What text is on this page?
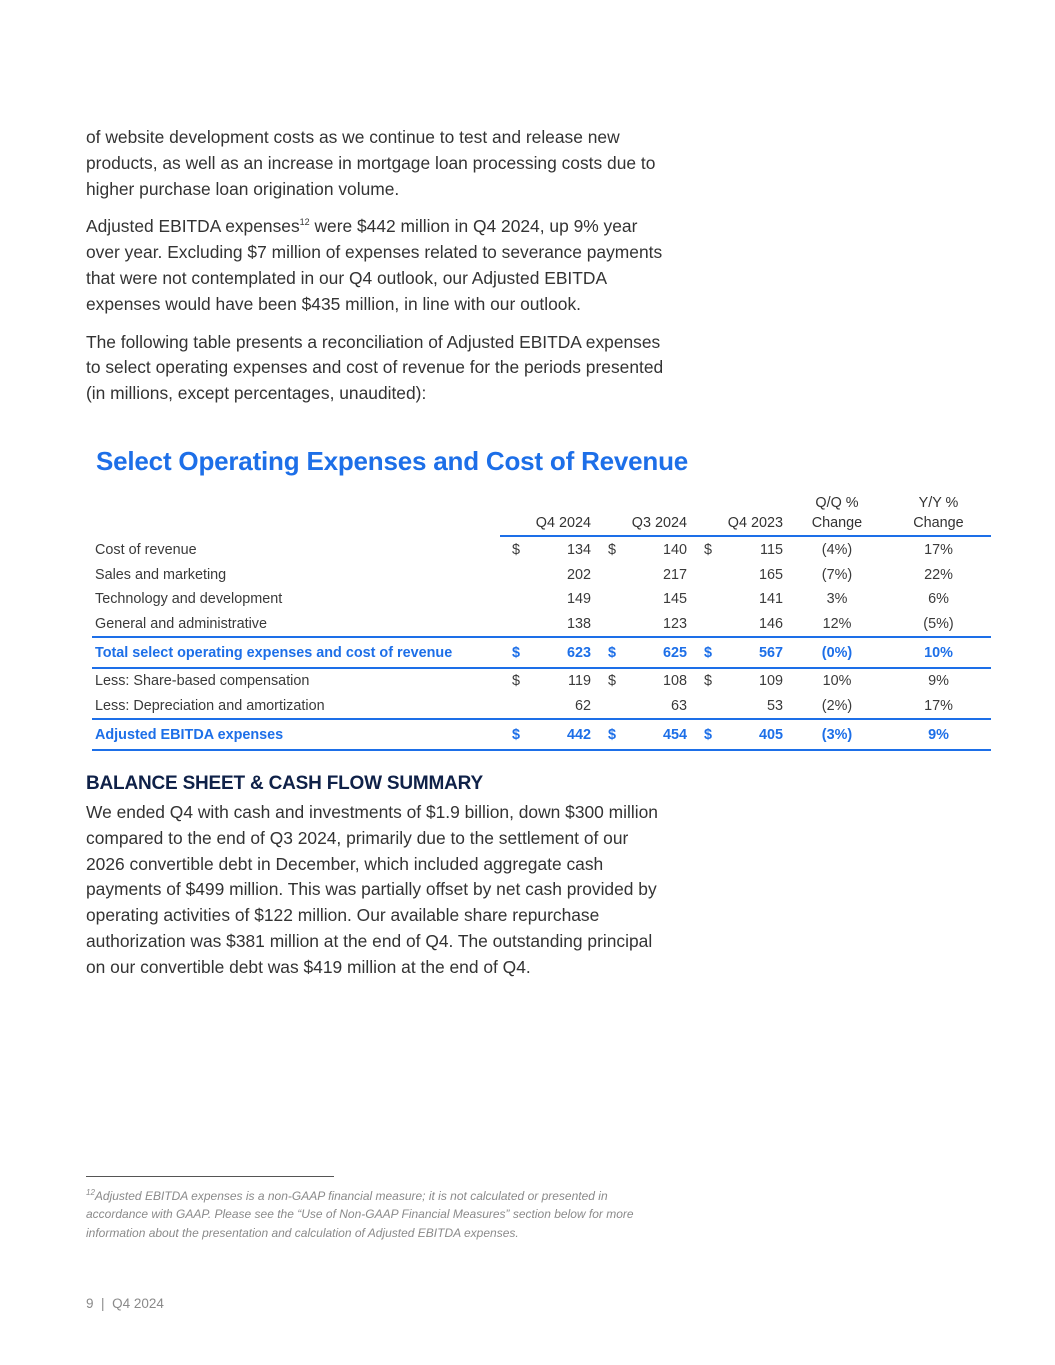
of website development costs as we continue to test and release new products, as well as an increase in mortgage loan processing costs due to higher purchase loan origination volume.

Adjusted EBITDA expenses$^{12}$ were $442 million in Q4 2024, up 9% year over year. Excluding $7 million of expenses related to severance payments that were not contemplated in our Q4 outlook, our Adjusted EBITDA expenses would have been $435 million, in line with our outlook.

The following table presents a reconciliation of Adjusted EBITDA expenses to select operating expenses and cost of revenue for the periods presented (in millions, except percentages, unaudited):

Select Operating Expenses and Cost of Revenue
		Q4 2024		Q3 2024		Q4 2023	Q/Q %
Change	Y/Y %
Change
Cost of revenue	$	134	$	140	$	115	(4%)	17%
Sales and marketing		202		217		165	(7%)	22%
Technology and development		149		145		141	3%	6%
General and administrative		138		123		146	12%	(5%)
Total select operating expenses and cost of revenue	$	623	$	625	$	567	(0%)	10%
Less: Share-based compensation	$	119	$	108	$	109	10%	9%
Less: Depreciation and amortization		62		63		53	(2%)	17%
Adjusted EBITDA expenses	$	442	$	454	$	405	(3%)	9%
BALANCE SHEET & CASH FLOW SUMMARY

We ended Q4 with cash and investments of $1.9 billion, down $300 million compared to the end of Q3 2024, primarily due to the settlement of our 2026 convertible debt in December, which included aggregate cash payments of $499 million. This was partially offset by net cash provided by operating activities of $122 million. Our available share repurchase authorization was $381 million at the end of Q4. The outstanding principal on our convertible debt was $419 million at the end of Q4.

$^{12}$Adjusted EBITDA expenses is a non-GAAP financial measure; it is not calculated or presented in accordance with GAAP. Please see the “Use of Non-GAAP Financial Measures” section below for more information about the presentation and calculation of Adjusted EBITDA expenses.

9 | Q4 2024
